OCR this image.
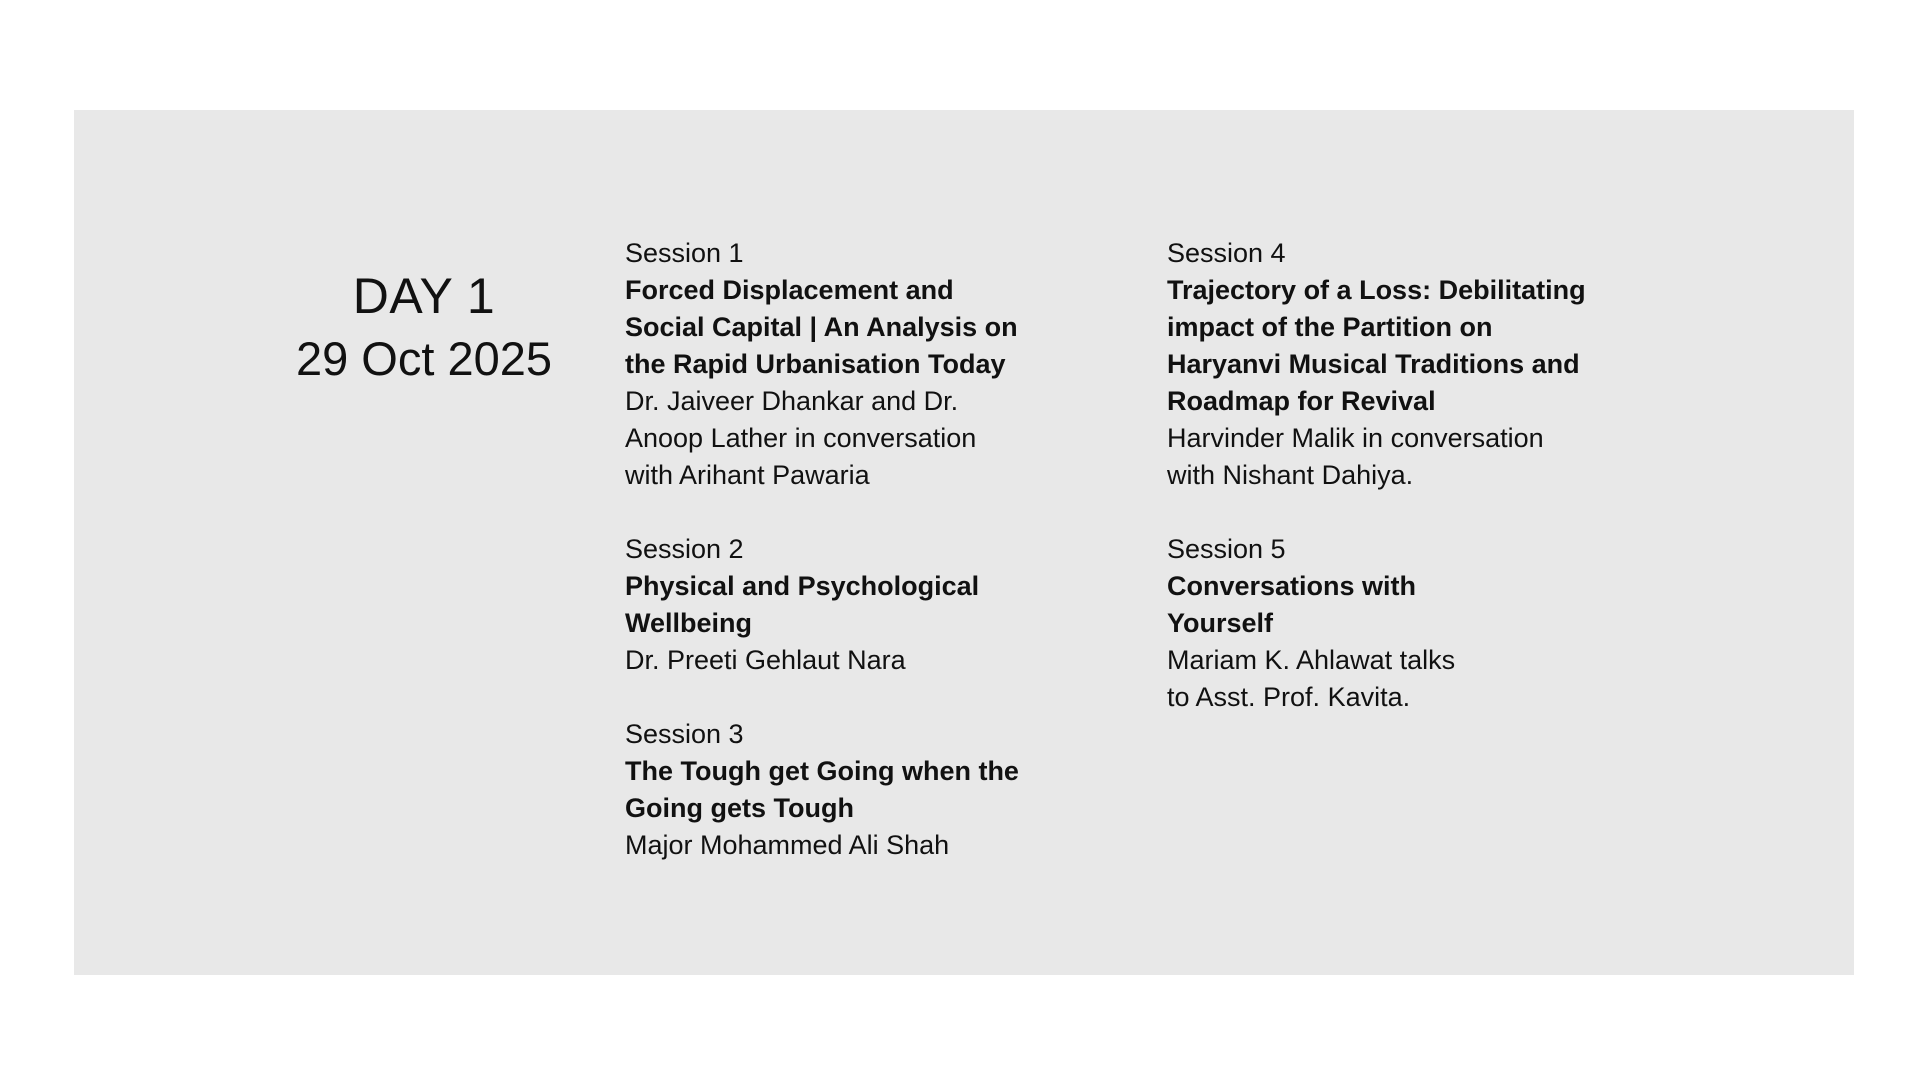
DAY 1
29 Oct 2025
Session 1
Forced Displacement and Social Capital | An Analysis on the Rapid Urbanisation Today
Dr. Jaiveer Dhankar and Dr. Anoop Lather in conversation with Arihant Pawaria
Session 2
Physical and Psychological Wellbeing
Dr. Preeti Gehlaut Nara
Session 3
The Tough get Going when the Going gets Tough
Major Mohammed Ali Shah
Session 4
Trajectory of a Loss: Debilitating impact of the Partition on Haryanvi Musical Traditions and Roadmap for Revival
Harvinder Malik in conversation with Nishant Dahiya.
Session 5
Conversations with Yourself
Mariam K. Ahlawat talks to Asst. Prof. Kavita.
